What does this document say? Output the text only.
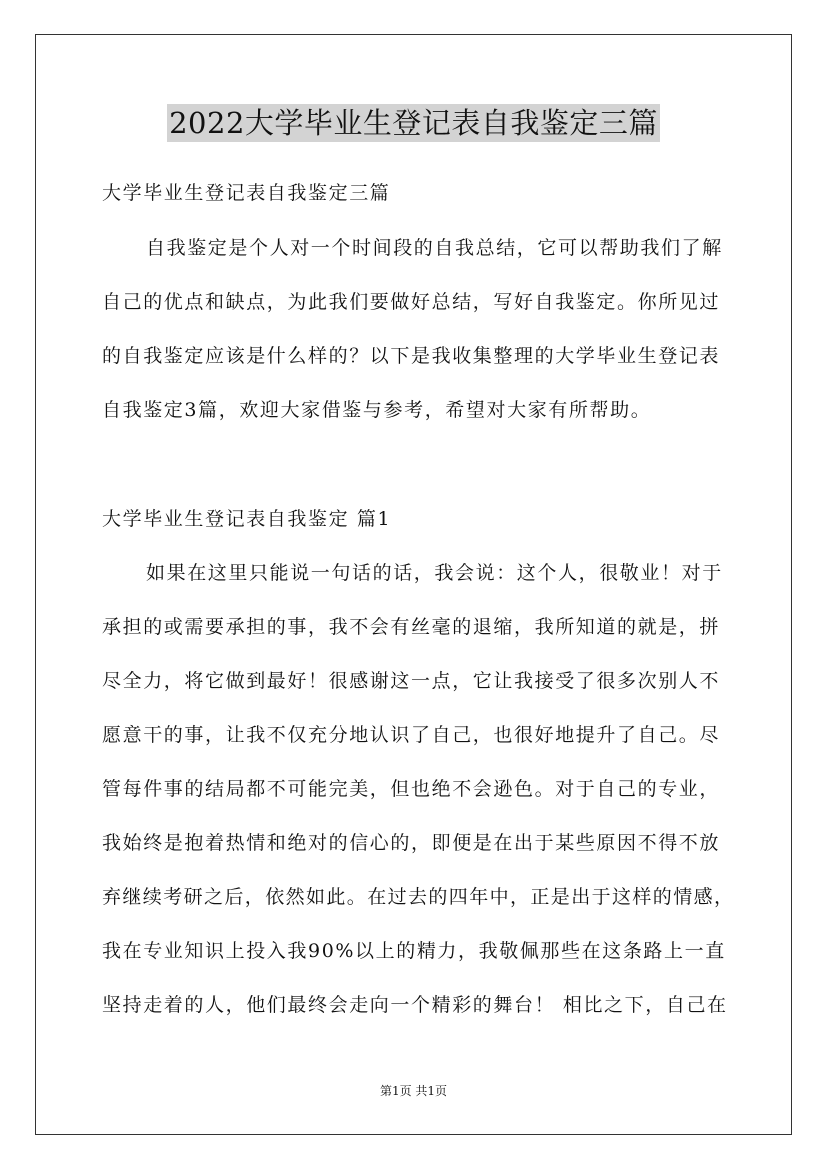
2022大学毕业生登记表自我鉴定三篇
大学毕业生登记表自我鉴定三篇
自我鉴定是个人对一个时间段的自我总结，它可以帮助我们了解
自己的优点和缺点，为此我们要做好总结，写好自我鉴定。你所见过
的自我鉴定应该是什么样的？以下是我收集整理的大学毕业生登记表
自我鉴定3篇，欢迎大家借鉴与参考，希望对大家有所帮助。
大学毕业生登记表自我鉴定 篇1
如果在这里只能说一句话的话，我会说：这个人，很敬业！对于
承担的或需要承担的事，我不会有丝毫的退缩，我所知道的就是，拼
尽全力，将它做到最好！很感谢这一点，它让我接受了很多次别人不
愿意干的事，让我不仅充分地认识了自己，也很好地提升了自己。尽
管每件事的结局都不可能完美，但也绝不会逊色。对于自己的专业，
我始终是抱着热情和绝对的信心的，即便是在出于某些原因不得不放
弃继续考研之后，依然如此。在过去的四年中，正是出于这样的情感，
我在专业知识上投入我90%以上的精力，我敬佩那些在这条路上一直
坚持走着的人，他们最终会走向一个精彩的舞台！ 相比之下，自己在
第1页 共1页
